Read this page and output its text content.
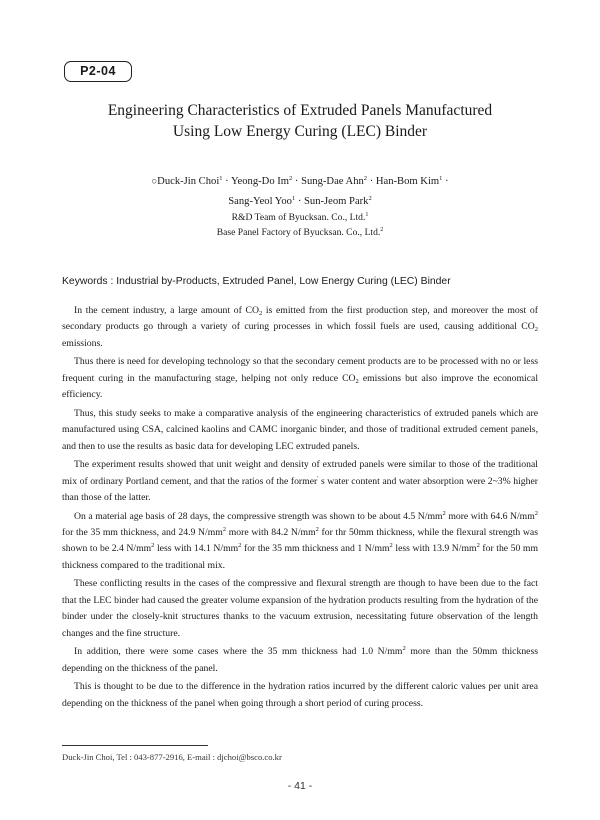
P2-04
Engineering Characteristics of Extruded Panels Manufactured
Using Low Energy Curing (LEC) Binder
○Duck-Jin Choi$^1$ · Yeong-Do $Im^2$ · Sung-Dae Ahn$^2$ · Han-Bom Kim$^1$ ·
Sang-Yeol Yoo$^1$ · Sun-Jeom Park$^2$
R&D Team of Byucksan. Co., Ltd.$^1$
Base Panel Factory of Byucksan. Co., Ltd.$^2$
Keywords : Industrial by-Products, Extruded Panel, Low Energy Curing (LEC) Binder

In the cement industry, a large amount of $CO_2$ is emitted from the first production step, and moreover the most of secondary products go through a variety of curing processes in which fossil fuels are used, causing additional $CO_2$ emissions.

Thus there is need for developing technology so that the secondary cement products are to be processed with no or less frequent curing in the manufacturing stage, helping not only reduce $CO_2$ emissions but also improve the economical efficiency.

Thus, this study seeks to make a comparative analysis of the engineering characteristics of extruded panels which are manufactured using CSA, calcined kaolins and CAMC inorganic binder, and those of traditional extruded cement panels, and then to use the results as basic data for developing LEC extruded panels.

The experiment results showed that unit weight and density of extruded panels were similar to those of the traditional mix of ordinary Portland cement, and that the ratios of the former' s water content and water absorption were 2~3% higher than those of the latter.

On a material age basis of 28 days, the compressive strength was shown to be about 4.5 $N/mm^2$ more with 64.6 $N/mm^2$ for the 35 mm thickness, and 24.9 $N/mm^2$ more with 84.2 $N/mm^2$ for thr 50mm thickness, while the flexural strength was shown to be 2.4 $N/mm^2$ less with 14.1 $N/mm^2$ for the 35 mm thickness and 1 $N/mm^2$ less with 13.9 $N/mm^2$ for the 50 mm thickness compared to the traditional mix.

These conflicting results in the cases of the compressive and flexural strength are though to have been due to the fact that the LEC binder had caused the greater volume expansion of the hydration products resulting from the hydration of the binder under the closely-knit structures thanks to the vacuum extrusion, necessitating future observation of the length changes and the fine structure.

In addition, there were some cases where the 35 mm thickness had 1.0 $N/mm^2$ more than the 50mm thickness depending on the thickness of the panel.

This is thought to be due to the difference in the hydration ratios incurred by the different caloric values per unit area depending on the thickness of the panel when going through a short period of curing process.

Duck-Jin Choi, Tel : 043-877-2916, E-mail : djchoi@bsco.co.kr
- 41 -
